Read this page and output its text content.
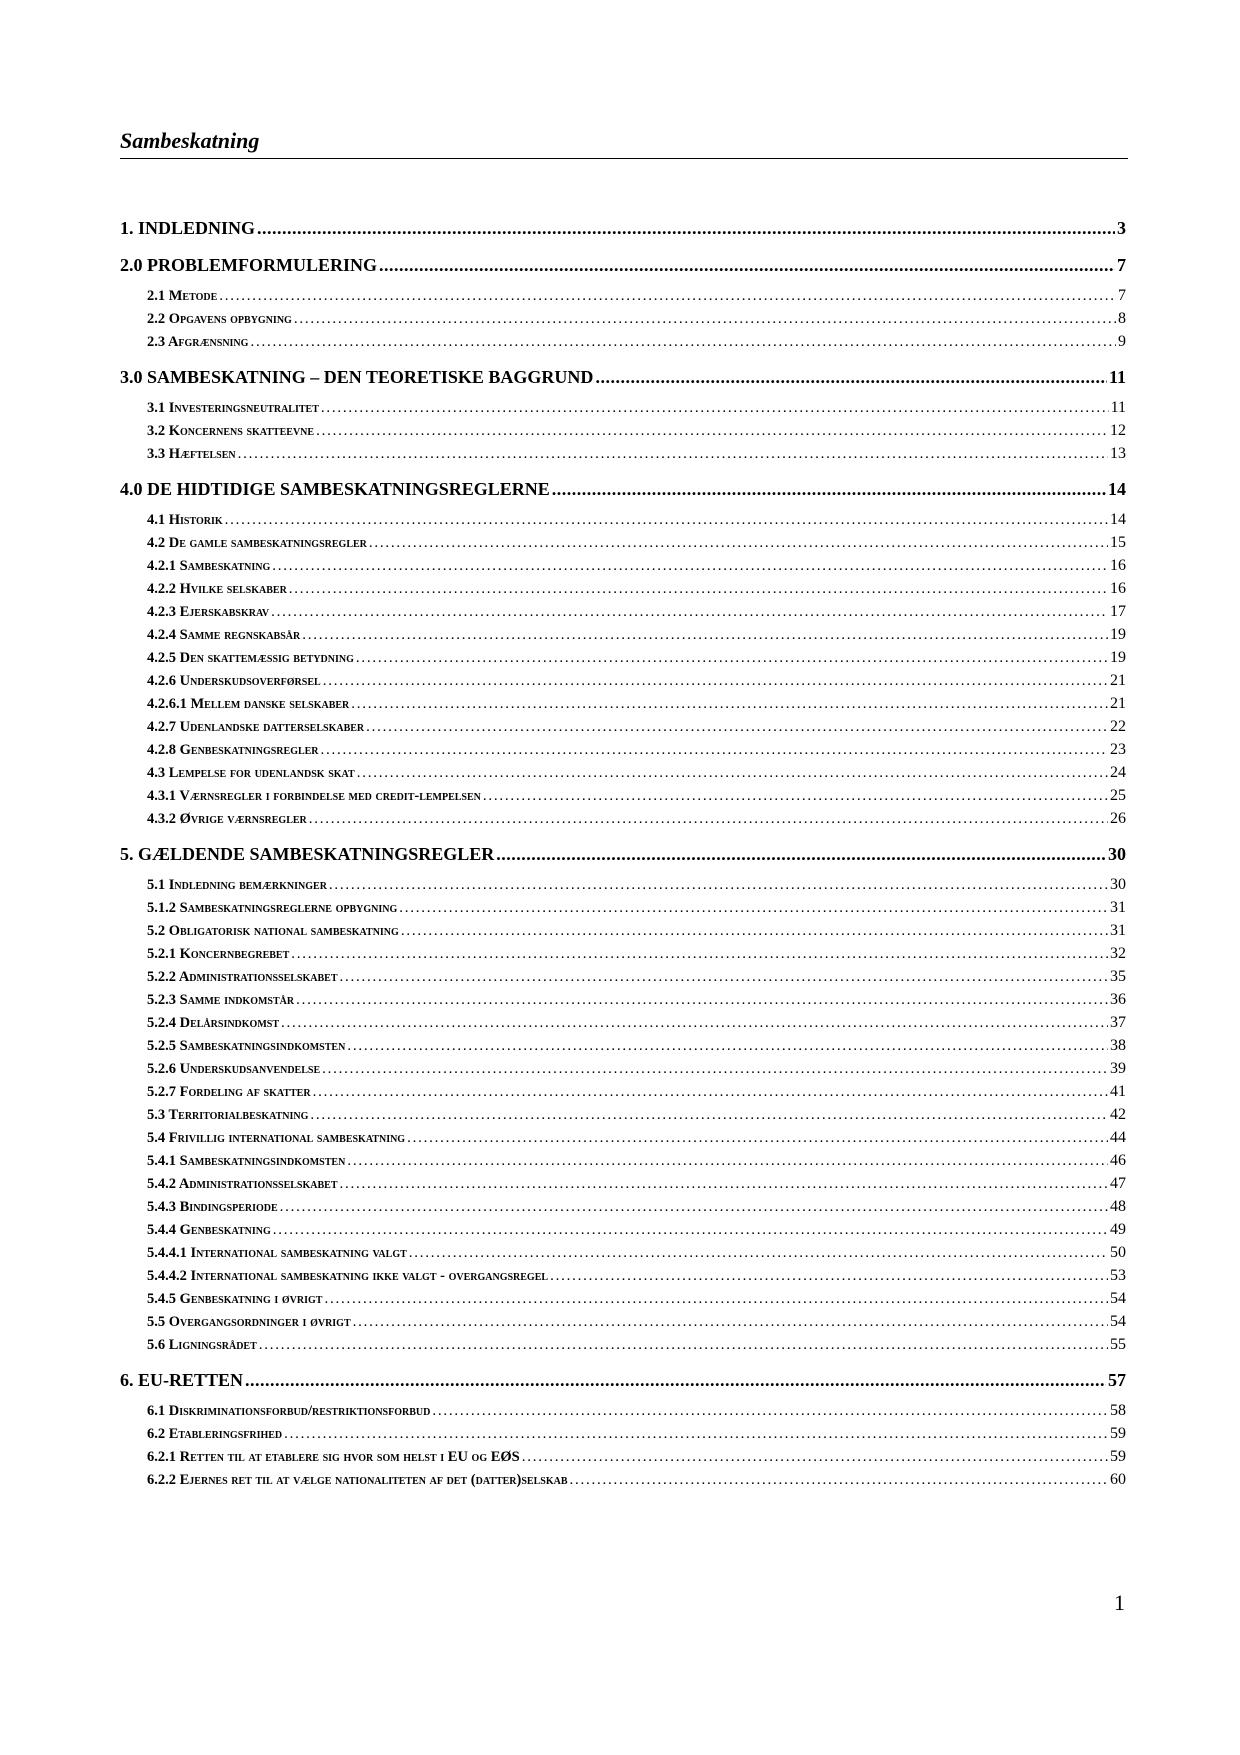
Sambeskatning
1. INDLEDNING . . .	3
2.0 PROBLEMFORMULERING . . .	7
2.1 Metode . . .	7
2.2 Opgavens opbygning . . .	8
2.3 Afgrænsning . . .	9
3.0 SAMBESKATNING – DEN TEORETISKE BAGGRUND . . .	11
3.1 Investeringsneutralitet . . .	11
3.2 Koncernens skatteevne . . .	12
3.3 Hæftelsen . . .	13
4.0 DE HIDTIDIGE SAMBESKATNINGSREGLERNE . . .	14
4.1 Historik . . .	14
4.2 De gamle sambeskatningsregler . . .	15
4.2.1 Sambeskatning . . .	16
4.2.2 Hvilke selskaber . . .	16
4.2.3 Ejerskabskrav . . .	17
4.2.4 Samme regnskabsår . . .	19
4.2.5 Den skattemæssig betydning . . .	19
4.2.6 Underskudsoverførsel . . .	21
4.2.6.1 Mellem danske selskaber . . .	21
4.2.7 Udenlandske datterselskaber . . .	22
4.2.8 Genbeskatningsregler . . .	23
4.3 Lempelse for udenlandsk skat . . .	24
4.3.1 Værnsregler i forbindelse med credit-lempelsen . . .	25
4.3.2 Øvrige værnsregler . . .	26
5. GÆLDENDE SAMBESKATNINGSREGLER . . .	30
5.1 Indledning bemærkninger . . .	30
5.1.2 Sambeskatningsreglerne opbygning . . .	31
5.2 Obligatorisk national sambeskatning . . .	31
5.2.1 Koncernbegrebet . . .	32
5.2.2 Administrationsselskabet . . .	35
5.2.3 Samme indkomstår . . .	36
5.2.4 Delårsindkomst . . .	37
5.2.5 Sambeskatningsindkomsten . . .	38
5.2.6 Underskudsanvendelse . . .	39
5.2.7 Fordeling af skatter . . .	41
5.3 Territorialbeskatning . . .	42
5.4 Frivillig international sambeskatning . . .	44
5.4.1 Sambeskatningsindkomsten . . .	46
5.4.2 Administrationsselskabet . . .	47
5.4.3 Bindingsperiode . . .	48
5.4.4 Genbeskatning . . .	49
5.4.4.1 International sambeskatning valgt . . .	50
5.4.4.2 International sambeskatning ikke valgt - overgangsregel . . .	53
5.4.5 Genbeskatning i øvrigt . . .	54
5.5 Overgangsordninger i øvrigt . . .	54
5.6 Ligningsrådet . . .	55
6. EU-RETTEN . . .	57
6.1 Diskriminationsforbud/restriktionsforbud . . .	58
6.2 Etableringsfrihed . . .	59
6.2.1 Retten til at etablere sig hvor som helst i EU og EØS . . .	59
6.2.2 Ejernes ret til at vælge nationaliteten af det (datter)selskab . . .	60
1
